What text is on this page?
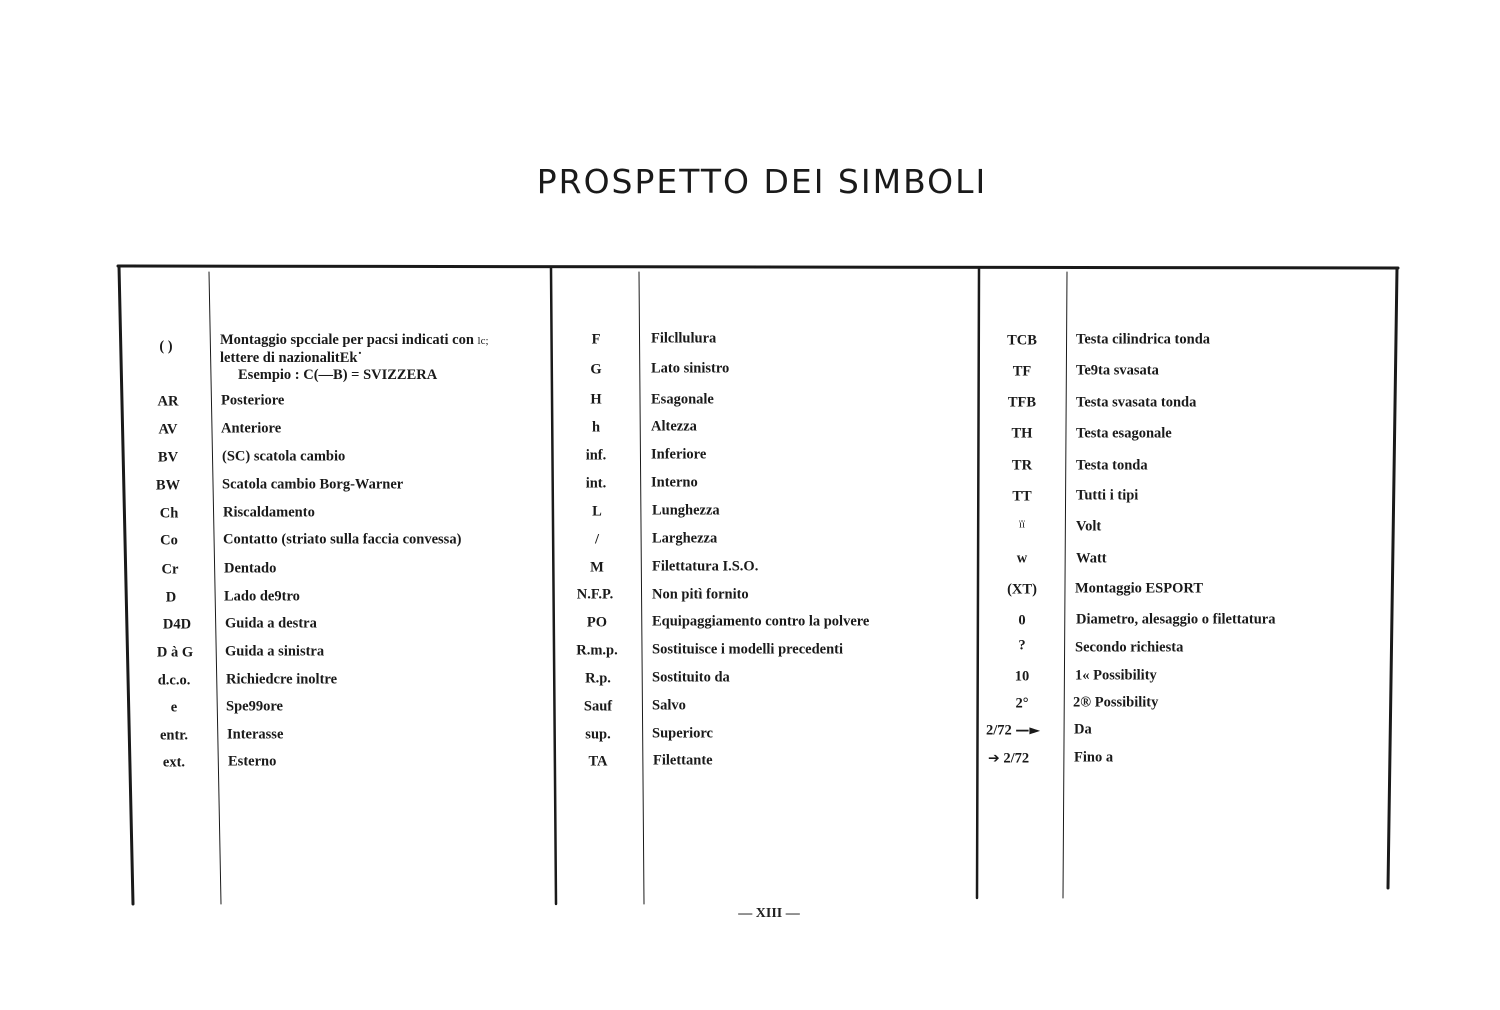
PROSPETTO DEI SIMBOLI
( )	Montaggio spcciale per pacsi indicati con lc;
lettere di nazionalitEk˙
Esempio : C(—B) = SVIZZERA
AR	Posteriore
AV	Anteriore
BV	(SC) scatola cambio
BW	Scatola cambio Borg-Warner
Ch	Riscaldamento
Co	Contatto (striato sulla faccia convessa)
Cr	Dentado
D	Lado de9tro
D4D	Guida a destra
D à G	Guida a sinistra
d.c.o.	Richiedcre inoltre
e	Spe99ore
entr.	Interasse
ext.	Esterno
F	Filcllulura
G	Lato sinistro
H	Esagonale
h	Altezza
inf.	Inferiore
int.	Interno
L	Lunghezza
/	Larghezza
M	Filettatura I.S.O.
N.F.P.	Non pitì fornito
PO	Equipaggiamento contro la polvere
R.m.p.	Sostituisce i modelli precedenti
R.p.	Sostituito da
Sauf	Salvo
sup.	Superiorc
TA	Filettante
TCB	Testa cilindrica tonda
TF	Te9ta svasata
TFB	Testa svasata tonda
TH	Testa esagonale
TR	Testa tonda
TT	Tutti i tipi
ïï	Volt
w	Watt
(XT)	Montaggio ESPORT
0	Diametro, alesaggio o filettatura
?	Secondo richiesta
10	1« Possibility
2°	2® Possibility
2/72 —►	Da
➔ 2/72	Fino a
— XIII —
